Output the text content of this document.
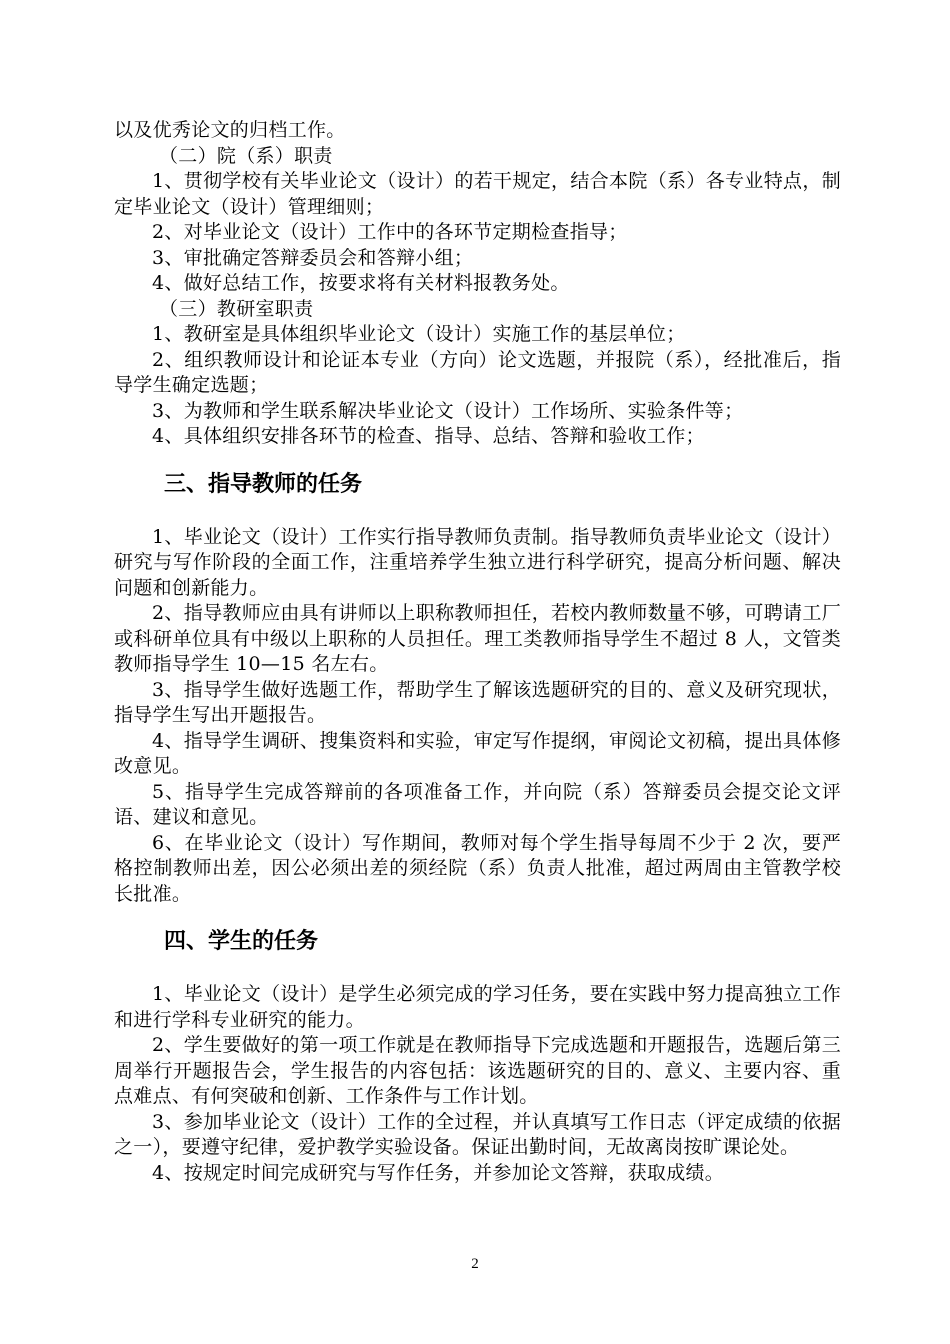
以及优秀论文的归档工作。

（二）院（系）职责

1、贯彻学校有关毕业论文（设计）的若干规定，结合本院（系）各专业特点，制定毕业论文（设计）管理细则；

2、对毕业论文（设计）工作中的各环节定期检查指导；

3、审批确定答辩委员会和答辩小组；

4、做好总结工作，按要求将有关材料报教务处。

（三）教研室职责

1、教研室是具体组织毕业论文（设计）实施工作的基层单位；

2、组织教师设计和论证本专业（方向）论文选题，并报院（系），经批准后，指导学生确定选题；

3、为教师和学生联系解决毕业论文（设计）工作场所、实验条件等；

4、具体组织安排各环节的检查、指导、总结、答辩和验收工作；

三、指导教师的任务

1、毕业论文（设计）工作实行指导教师负责制。指导教师负责毕业论文（设计）研究与写作阶段的全面工作，注重培养学生独立进行科学研究，提高分析问题、解决问题和创新能力。

2、指导教师应由具有讲师以上职称教师担任，若校内教师数量不够，可聘请工厂或科研单位具有中级以上职称的人员担任。理工类教师指导学生不超过 8 人，文管类教师指导学生 10—15 名左右。

3、指导学生做好选题工作，帮助学生了解该选题研究的目的、意义及研究现状，指导学生写出开题报告。

4、指导学生调研、搜集资料和实验，审定写作提纲，审阅论文初稿，提出具体修改意见。

5、指导学生完成答辩前的各项准备工作，并向院（系）答辩委员会提交论文评语、建议和意见。

6、在毕业论文（设计）写作期间，教师对每个学生指导每周不少于 2 次，要严格控制教师出差，因公必须出差的须经院（系）负责人批准，超过两周由主管教学校长批准。

四、学生的任务

1、毕业论文（设计）是学生必须完成的学习任务，要在实践中努力提高独立工作和进行学科专业研究的能力。

2、学生要做好的第一项工作就是在教师指导下完成选题和开题报告，选题后第三周举行开题报告会，学生报告的内容包括：该选题研究的目的、意义、主要内容、重点难点、有何突破和创新、工作条件与工作计划。

3、参加毕业论文（设计）工作的全过程，并认真填写工作日志（评定成绩的依据之一），要遵守纪律，爱护教学实验设备。保证出勤时间，无故离岗按旷课论处。

4、按规定时间完成研究与写作任务，并参加论文答辩，获取成绩。

2
